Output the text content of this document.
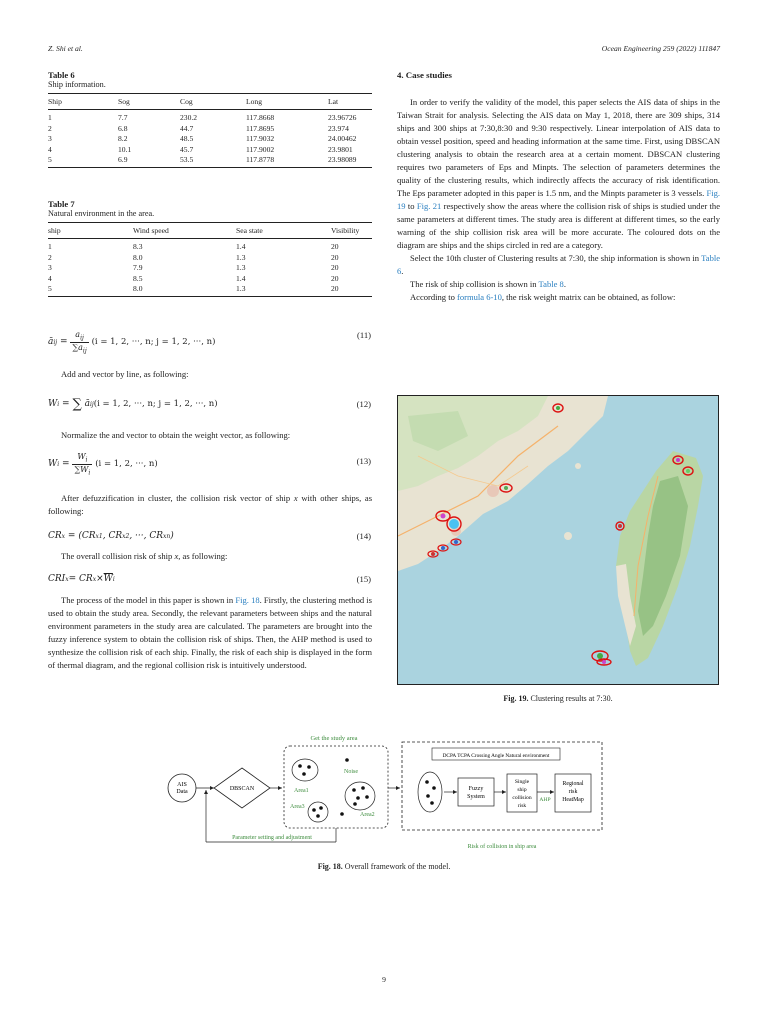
Z. Shi et al.	Ocean Engineering 259 (2022) 111847
Table 6
Ship information.
Ship	Sog	Cog	Long	Lat
1	7.7	230.2	117.8668	23.96726
2	6.8	44.7	117.8695	23.974
3	8.2	48.5	117.9032	24.00462
4	10.1	45.7	117.9002	23.9801
5	6.9	53.5	117.8778	23.98089
Table 7
Natural environment in the area.
ship	Wind speed	Sea state	Visibility
1	8.3	1.4	20
2	8.0	1.3	20
3	7.9	1.3	20
4	8.5	1.4	20
5	8.0	1.3	20
ā ij = $\frac{a_{ij}}{\sum a_{ij}}$
(i = 1, 2, ···, n; j = 1, 2, ···, n)
(11)

Add and vector by line, as following:

W i = ∑
ā ij (i = 1, 2, ···, n; j = 1, 2, ···, n)	(12)

Normalize the and vector to obtain the weight vector, as following:

W $i = \frac{W_i}{\sum W_i}$
(i = 1, 2, ···, n)	(13)

After defuzzification in cluster, the collision risk vector of ship x with other ships, as following:

CR x = (CR x1 , CR x2 , ···, CR xn )	(14)

The overall collision risk of ship x, as following:

CRI x = CR $x \times \overline{W}$ i	(15)

The process of the model in this paper is shown in Fig. 18. Firstly, the clustering method is used to obtain the study area. Secondly, the relevant parameters between ships and the natural environment parameters in the study area are calculated. The parameters are brought into the fuzzy inference system to obtain the collision risk of ships. Then, the AHP method is used to synthesize the collision risk of each ship. Finally, the risk of each ship is displayed in the form of thermal diagram, and the regional collision risk is intuitively understood.

4. Case studies

In order to verify the validity of the model, this paper selects the AIS data of ships in the Taiwan Strait for analysis. Selecting the AIS data on May 1, 2018, there are 309 ships, 314 ships and 300 ships at 7:30,8:30 and 9:30 respectively. Linear interpolation of AIS data to obtain vessel position, speed and heading information at the same time. First, using DBSCAN clustering analysis to obtain the research area at a certain moment. DBSCAN clustering requires two parameters of Eps and Minpts. The selection of parameters determines the quality of the clustering results, which indirectly affects the accuracy of risk identification. The Eps parameter adopted in this paper is 1.5 nm, and the Minpts parameter is 3 vessels. Fig. 19 to Fig. 21 respectively show the areas where the collision risk of ships is studied under the same parameters at different times. The study area is different at different times, so the early warning of the ship collision risk area will be more accurate. The coloured dots on the diagram are ships and the ships circled in red are a category.

Select the 10th cluster of Clustering results at 7:30, the ship information is shown in Table 6.

The risk of ship collision is shown in Table 8.

According to formula 6-10, the risk weight matrix can be obtained, as follow:

Fig. 19. Clustering results at 7:30.
Get the study area
AIS
Data	DBSCAN	Area1
Noise
Area2
Area3
Parameter setting and adjustment
DCPA TCPA Crossing Angle Natural environment
Fuzzy
System
Single
ship
collision
risk
AHP
Regional
risk
HeatMap
Risk of collision in ship area
Fig. 18. Overall framework of the model.
9
